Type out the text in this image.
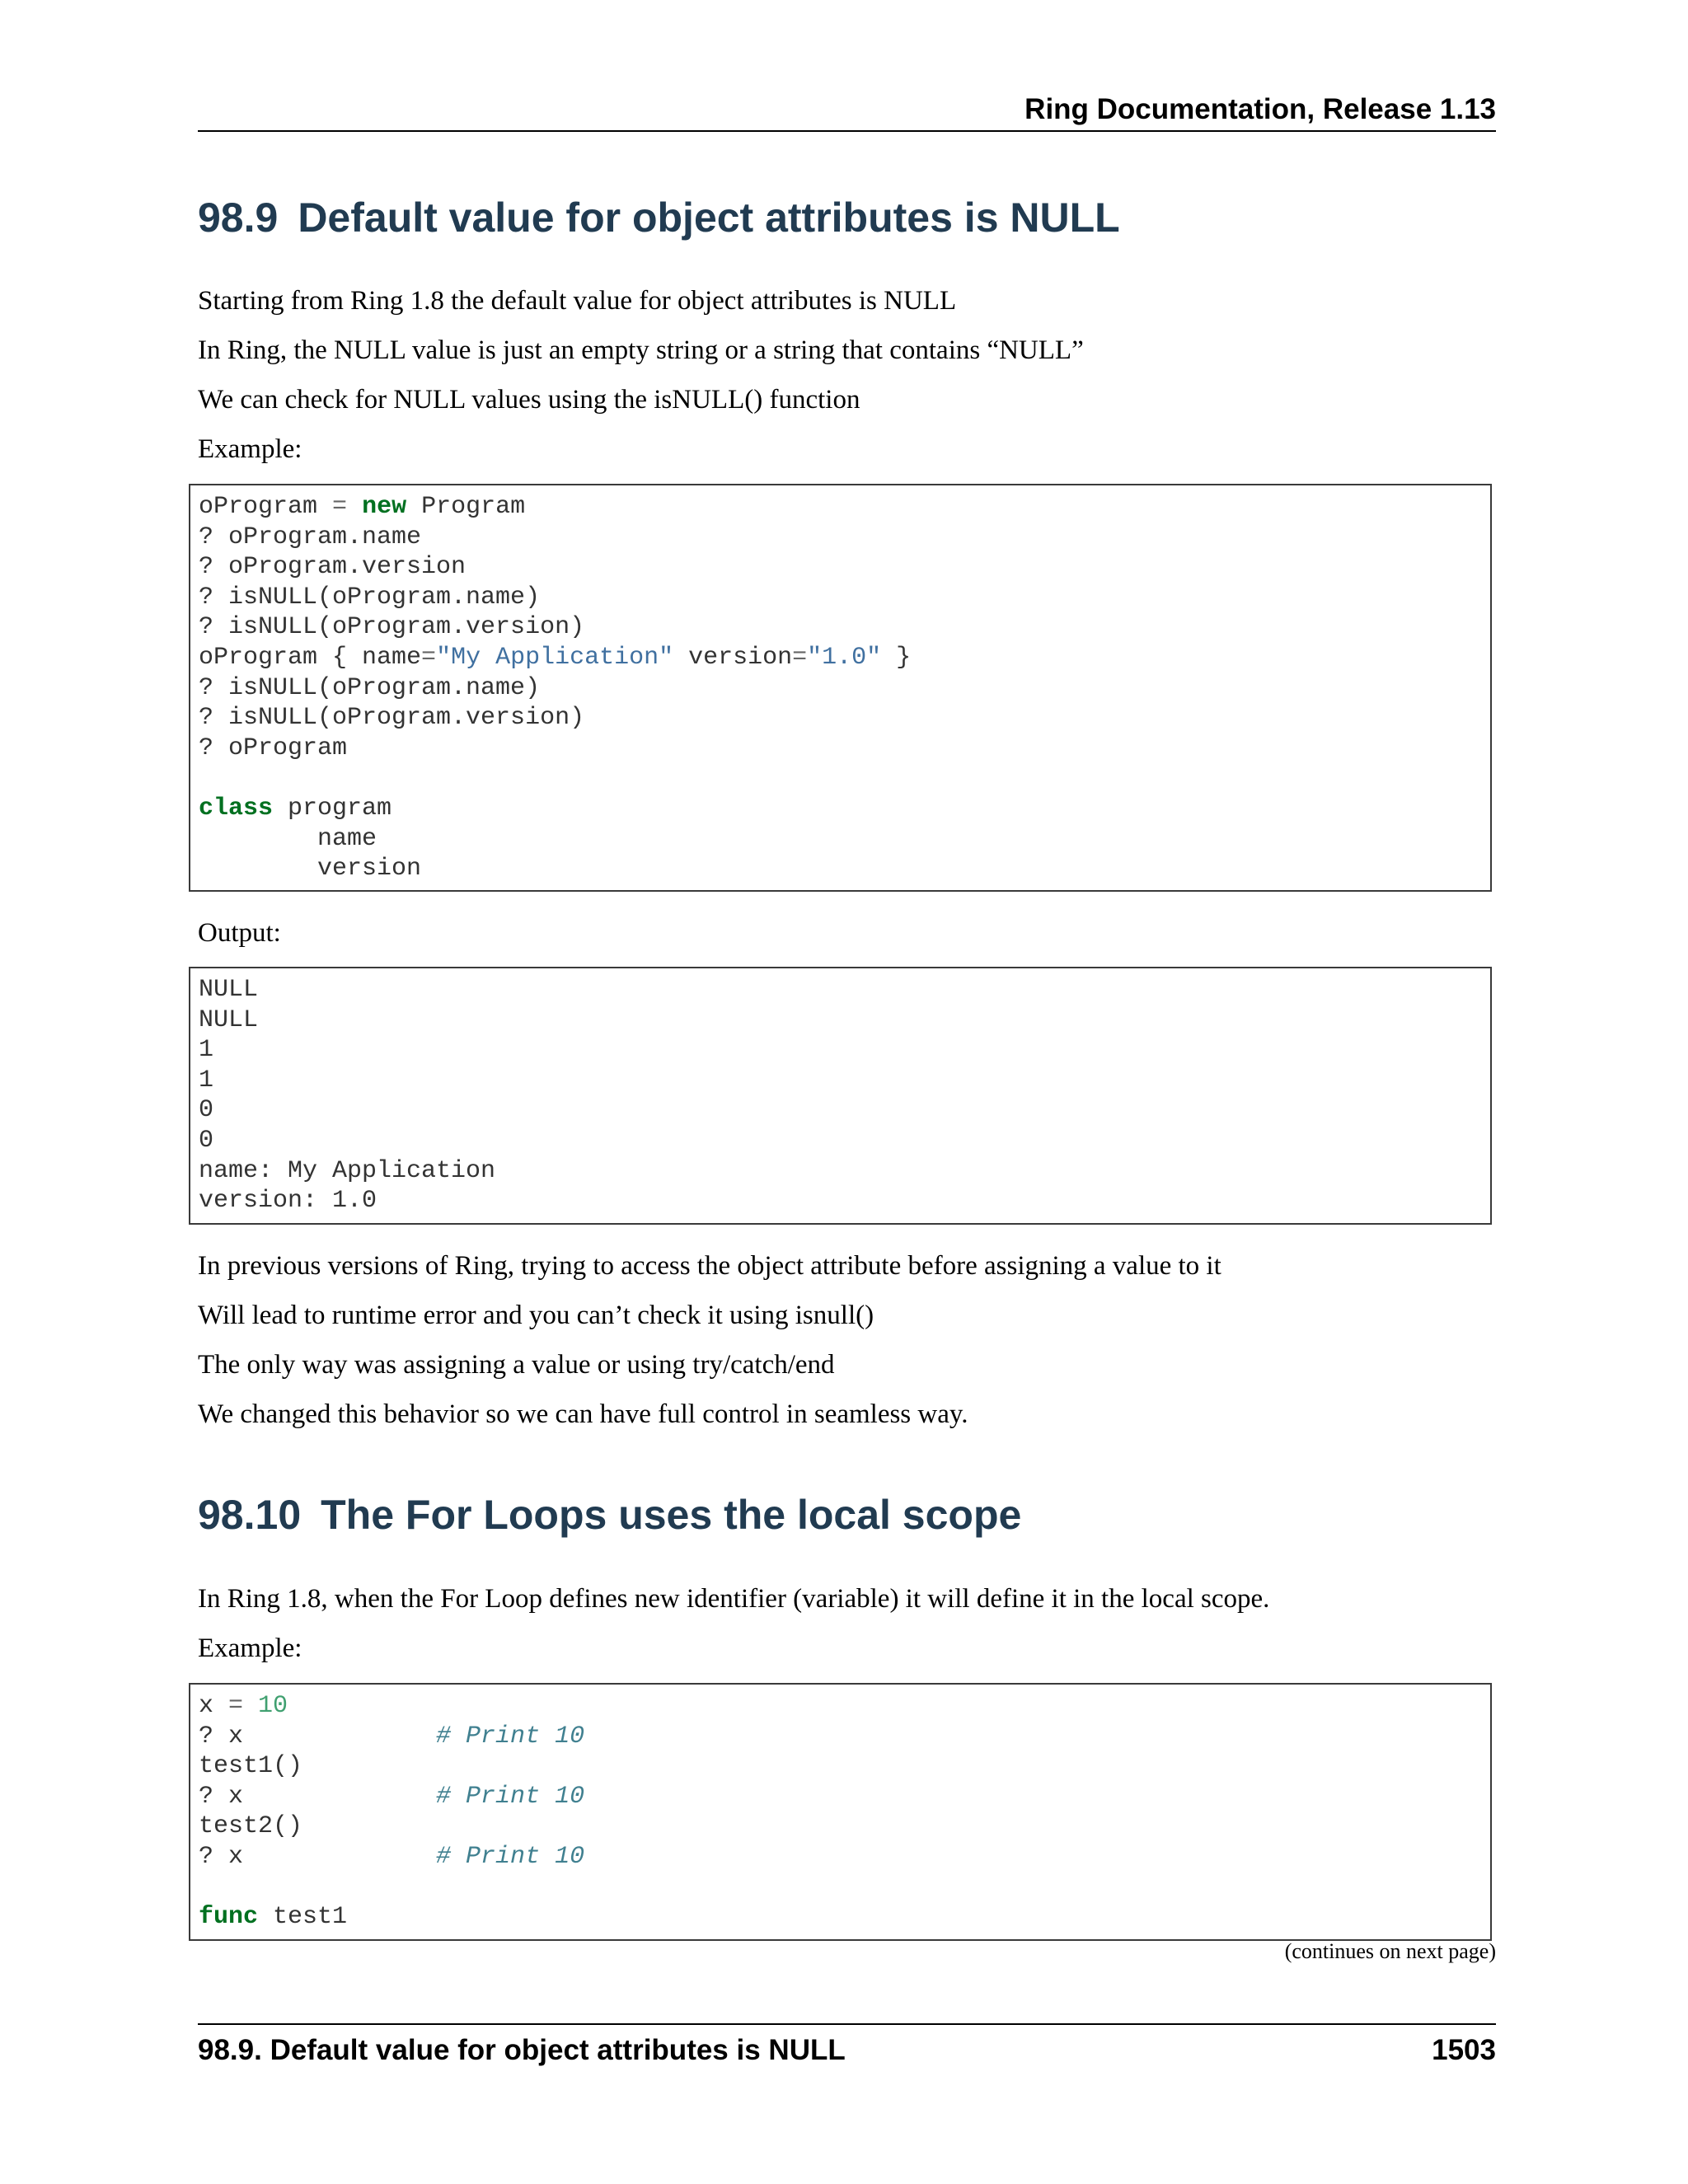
Ring Documentation, Release 1.13
98.9 Default value for object attributes is NULL

Starting from Ring 1.8 the default value for object attributes is NULL

In Ring, the NULL value is just an empty string or a string that contains “NULL”

We can check for NULL values using the isNULL() function

Example:

oProgram = new Program
? oProgram.name
? oProgram.version
? isNULL(oProgram.name)
? isNULL(oProgram.version)
oProgram { name="My Application" version="1.0" }
? isNULL(oProgram.name)
? isNULL(oProgram.version)
? oProgram

class program
name
version

Output:

NULL
NULL
1
1
0
0
name: My Application
version: 1.0

In previous versions of Ring, trying to access the object attribute before assigning a value to it

Will lead to runtime error and you can’t check it using isnull()

The only way was assigning a value or using try/catch/end

We changed this behavior so we can have full control in seamless way.

98.10 The For Loops uses the local scope

In Ring 1.8, when the For Loop defines new identifier (variable) it will define it in the local scope.

Example:

x = 10
? x             # Print 10
test1()
? x             # Print 10
test2()
? x             # Print 10

func test1
(continues on next page)
98.9. Default value for object attributes is NULL	1503
